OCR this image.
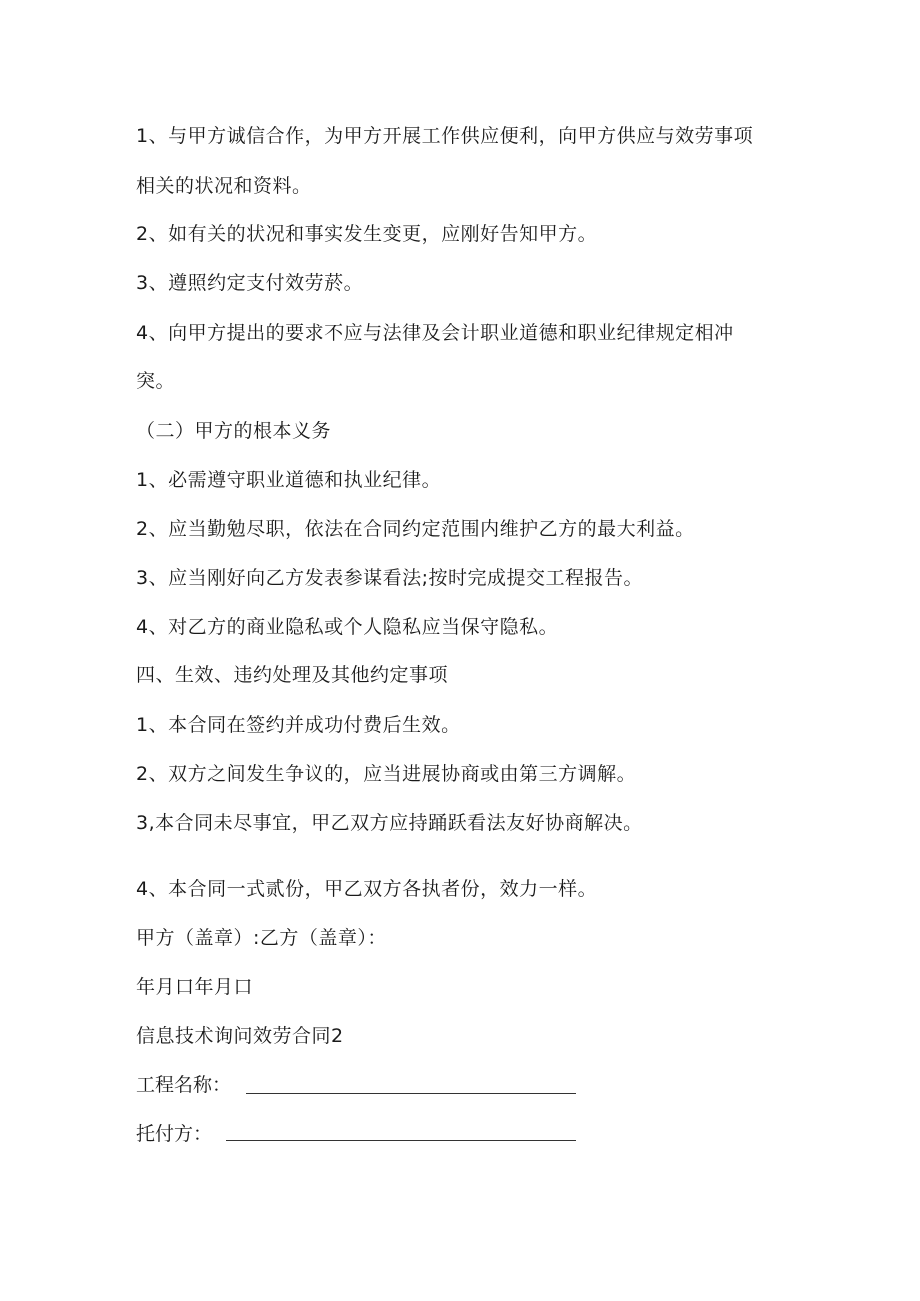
1、与甲方诚信合作，为甲方开展工作供应便利，向甲方供应与效劳事项
相关的状况和资料。
2、如有关的状况和事实发生变更，应刚好告知甲方。
3、遵照约定支付效劳菸。
4、向甲方提出的要求不应与法律及会计职业道德和职业纪律规定相冲
突。
（二）甲方的根本义务
1、必需遵守职业道德和执业纪律。
2、应当勤勉尽职，依法在合同约定范围内维护乙方的最大利益。
3、应当刚好向乙方发表参谋看法;按时完成提交工程报告。
4、对乙方的商业隐私或个人隐私应当保守隐私。
四、生效、违约处理及其他约定事项
1、本合同在签约并成功付费后生效。
2、双方之间发生争议的，应当进展协商或由第三方调解。
3,本合同未尽事宜，甲乙双方应持踊跃看法友好协商解决。
4、本合同一式贰份，甲乙双方各执者份，效力一样。
甲方（盖章）:乙方（盖章）：
年月口年月口
信息技术询问效劳合同2
工程名称：
托付方：
